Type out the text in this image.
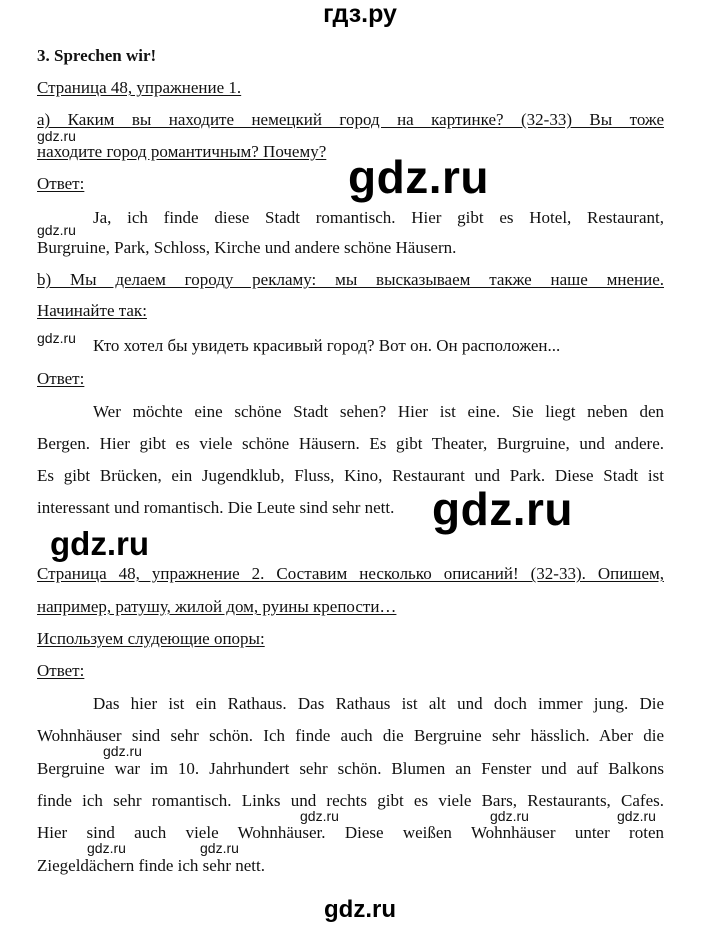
гдз.ру
3. Sprechen wir!
Страница 48, упражнение 1.
а) Каким вы находите немецкий город на картинке? (32-33) Вы тоже
находите город романтичным? Почему?
Ответ:
Ja, ich finde diese Stadt romantisch. Hier gibt es Hotel, Restaurant,
Burgruine, Park, Schloss, Kirche und andere schöne Häusern.
b) Мы делаем городу рекламу: мы высказываем также наше мнение.
Начинайте так:
Кто хотел бы увидеть красивый город? Вот он. Он расположен...
Ответ:
Wer möchte eine schöne Stadt sehen? Hier ist eine. Sie liegt neben den
Bergen. Hier gibt es viele schöne Häusern. Es gibt Theater, Burgruine, und andere.
Es gibt Brücken, ein Jugendklub, Fluss, Kino, Restaurant und Park. Diese Stadt ist
interessant und romantisch. Die Leute sind sehr nett.
Страница 48, упражнение 2. Составим несколько описаний! (32-33). Опишем,
например, ратушу, жилой дом, руины крепости…
Используем слудеющие опоры:
Ответ:
Das hier ist ein Rathaus. Das Rathaus ist alt und doch immer jung. Die
Wohnhäuser sind sehr schön. Ich finde auch die Bergruine sehr hässlich. Aber die
Bergruine war im 10. Jahrhundert sehr schön. Blumen an Fenster und auf Balkons
finde ich sehr romantisch. Links und rechts gibt es viele Bars, Restaurants, Cafes.
Hier sind auch viele Wohnhäuser. Diese weißen Wohnhäuser unter roten
Ziegeldächern finde ich sehr nett.
gdz.ru
gdz.ru
gdz.ru
gdz.ru
gdz.ru	gdz.ru	gdz.ru
gdz.ru	gdz.ru
gdz.ru
gdz.ru
gdz.ru
gdz.ru
